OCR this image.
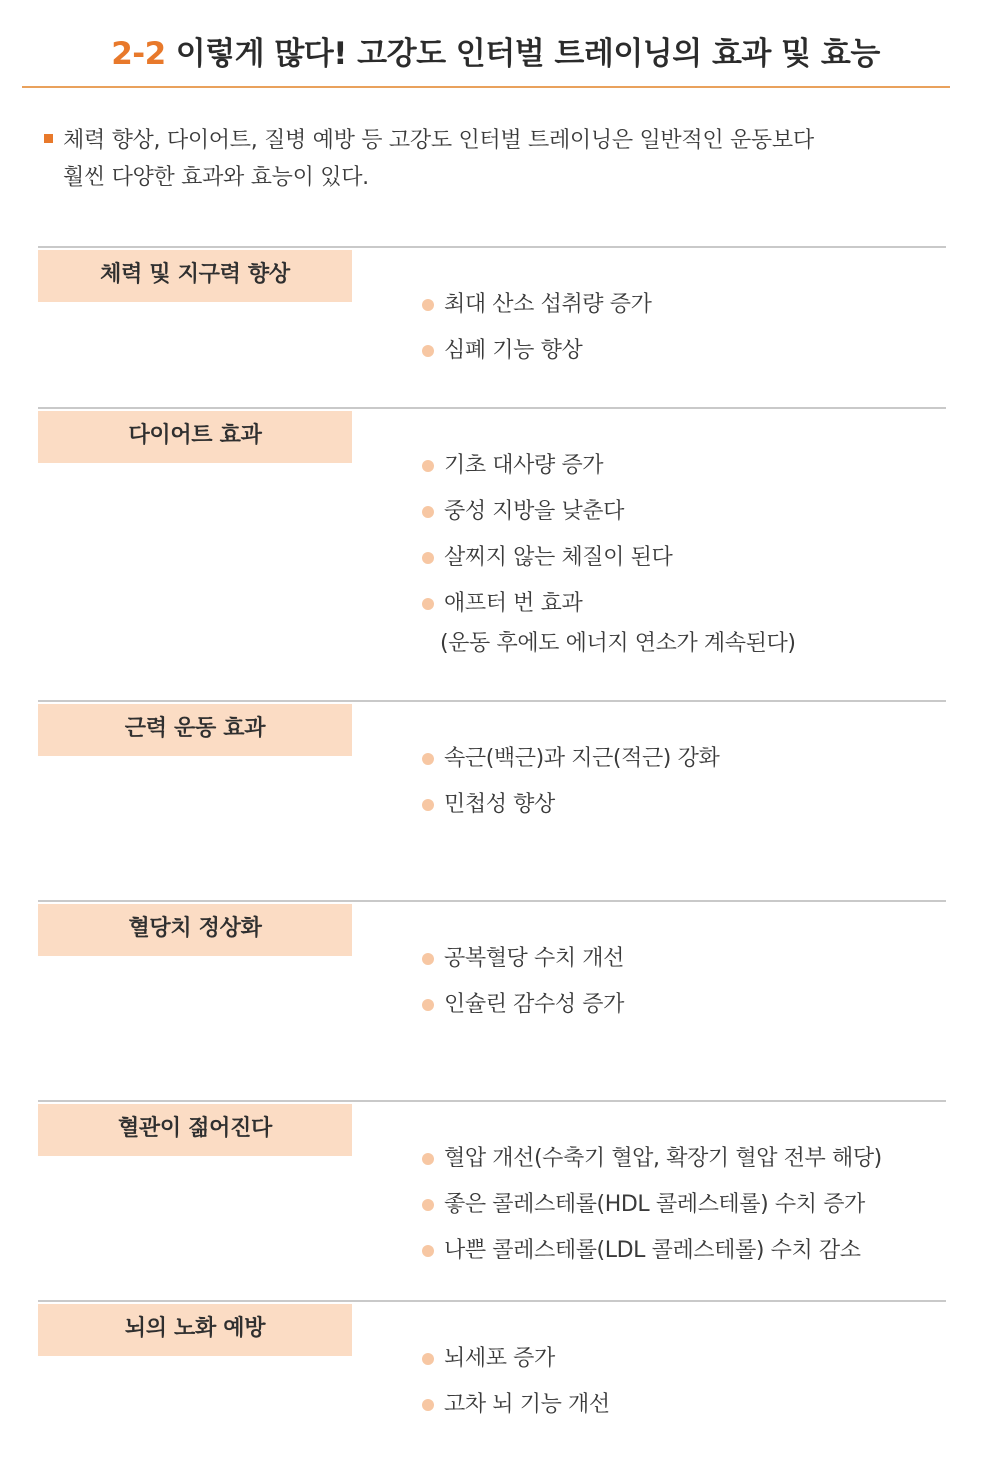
2-2 이렇게 많다! 고강도 인터벌 트레이닝의 효과 및 효능
체력 향상, 다이어트, 질병 예방 등 고강도 인터벌 트레이닝은 일반적인 운동보다
훨씬 다양한 효과와 효능이 있다.
체력 및 지구력 향상
최대 산소 섭취량 증가
심폐 기능 향상
다이어트 효과
기초 대사량 증가
중성 지방을 낮춘다
살찌지 않는 체질이 된다
애프터 번 효과
(운동 후에도 에너지 연소가 계속된다)
근력 운동 효과
속근(백근)과 지근(적근) 강화
민첩성 향상
혈당치 정상화
공복혈당 수치 개선
인슐린 감수성 증가
혈관이 젊어진다
혈압 개선(수축기 혈압, 확장기 혈압 전부 해당)
좋은 콜레스테롤(HDL 콜레스테롤) 수치 증가
나쁜 콜레스테롤(LDL 콜레스테롤) 수치 감소
뇌의 노화 예방
뇌세포 증가
고차 뇌 기능 개선
